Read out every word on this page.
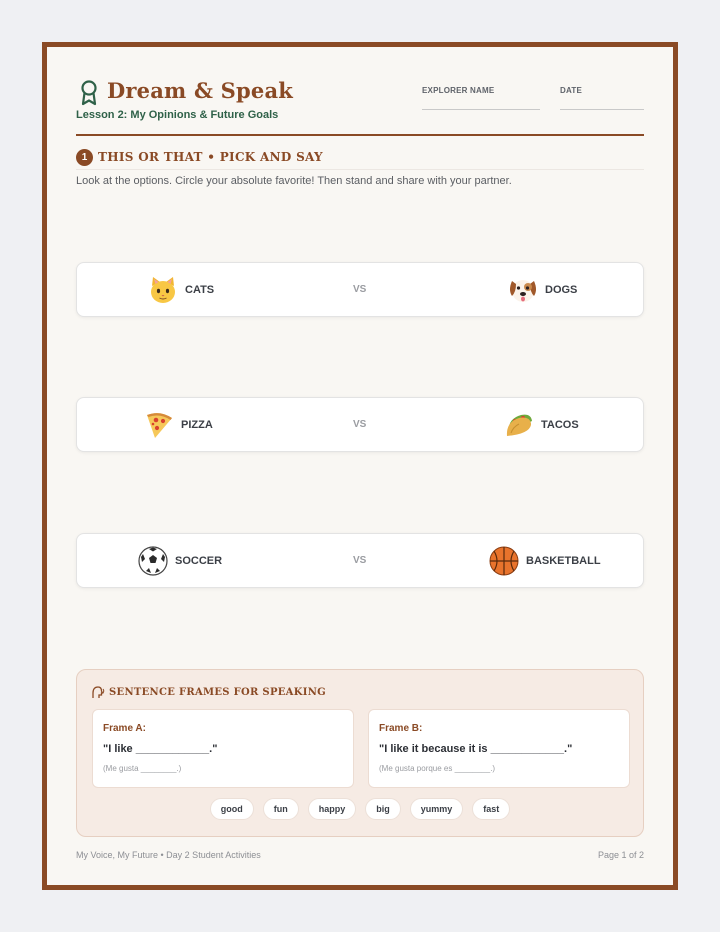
Dream & Speak
Lesson 2: My Opinions & Future Goals
EXPLORER NAME	DATE
1 THIS OR THAT • PICK AND SAY
Look at the options. Circle your absolute favorite! Then stand and share with your partner.
CATS	VS	DOGS
PIZZA	VS	TACOS
SOCCER	VS	BASKETBALL
SENTENCE FRAMES FOR SPEAKING
Frame A:
"I like ____________."
(Me gusta ________.)
Frame B:
"I like it because it is ____________."
(Me gusta porque es ________.)
good	fun	happy	big	yummy	fast
My Voice, My Future • Day 2 Student Activities	Page 1 of 2
